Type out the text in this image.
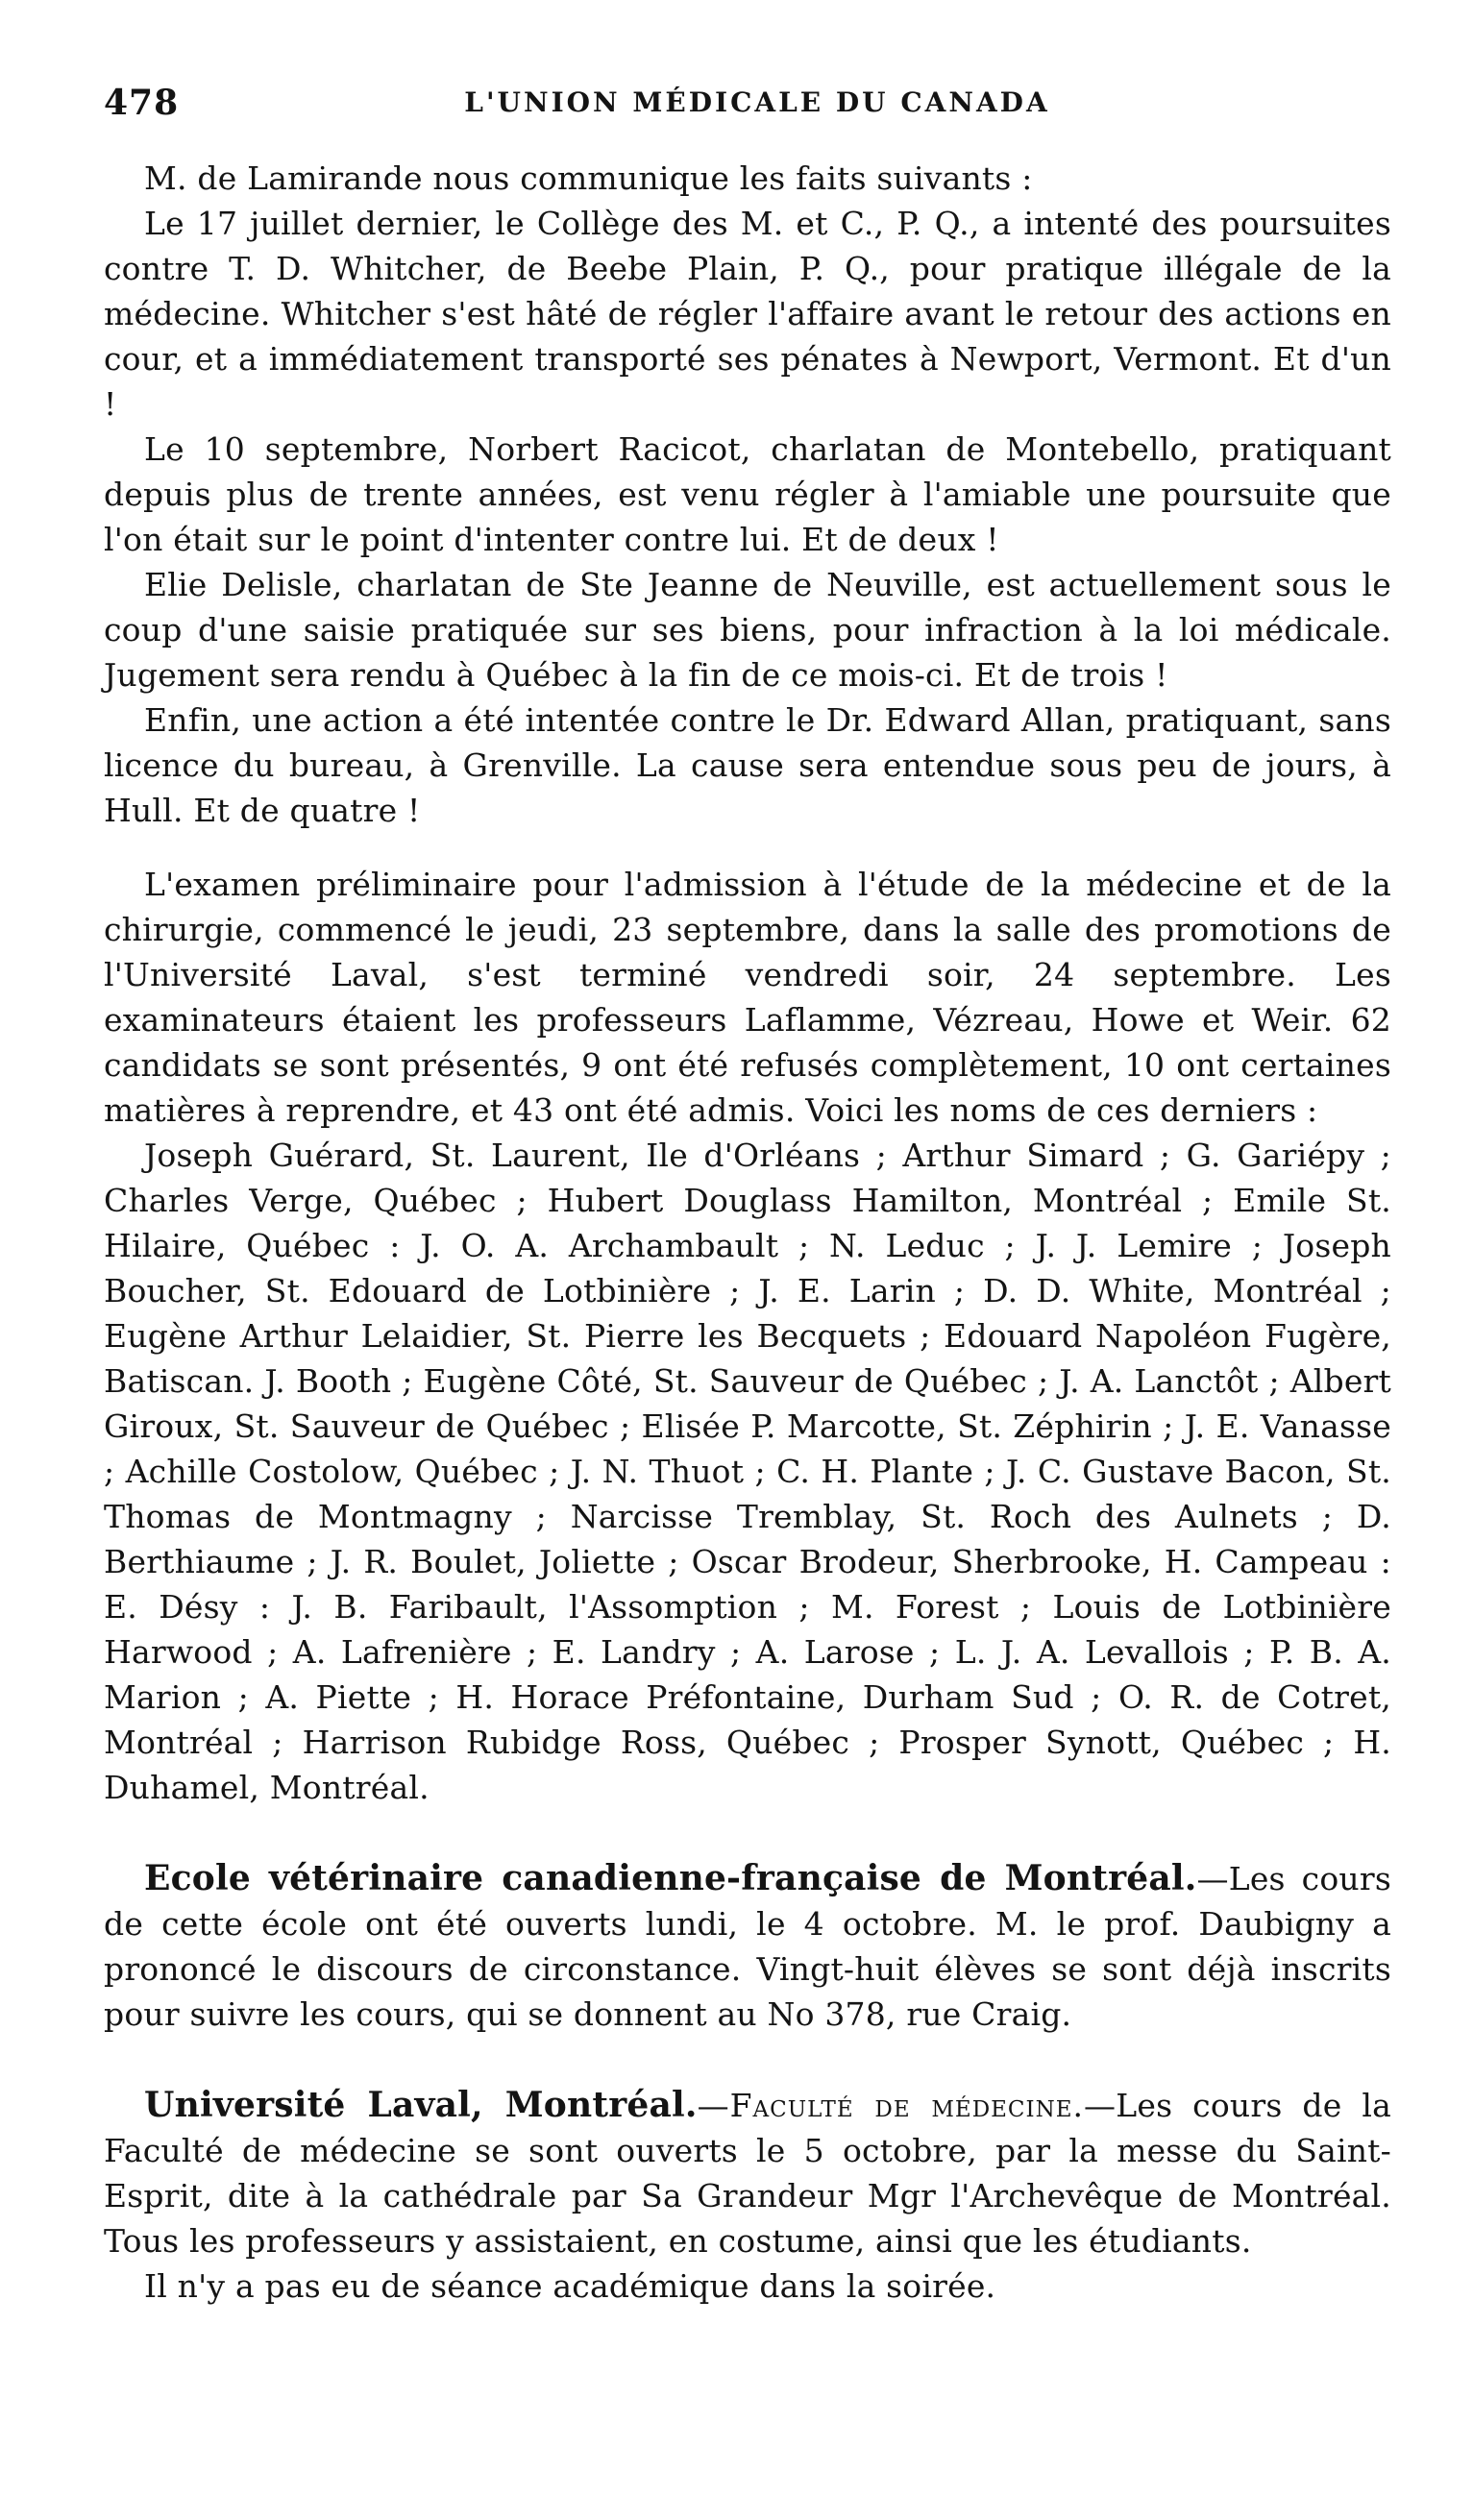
478	L'UNION MÉDICALE DU CANADA

M. de Lamirande nous communique les faits suivants :

Le 17 juillet dernier, le Collège des M. et C., P. Q., a intenté des poursuites contre T. D. Whitcher, de Beebe Plain, P. Q., pour pratique illégale de la médecine. Whitcher s'est hâté de régler l'affaire avant le retour des actions en cour, et a immédiatement transporté ses pénates à Newport, Vermont. Et d'un !

Le 10 septembre, Norbert Racicot, charlatan de Montebello, pratiquant depuis plus de trente années, est venu régler à l'amiable une poursuite que l'on était sur le point d'intenter contre lui. Et de deux !

Elie Delisle, charlatan de Ste Jeanne de Neuville, est actuellement sous le coup d'une saisie pratiquée sur ses biens, pour infraction à la loi médicale. Jugement sera rendu à Québec à la fin de ce mois-ci. Et de trois !

Enfin, une action a été intentée contre le Dr. Edward Allan, pratiquant, sans licence du bureau, à Grenville. La cause sera entendue sous peu de jours, à Hull. Et de quatre !

L'examen préliminaire pour l'admission à l'étude de la médecine et de la chirurgie, commencé le jeudi, 23 septembre, dans la salle des promotions de l'Université Laval, s'est terminé vendredi soir, 24 septembre. Les examinateurs étaient les professeurs Laflamme, Vézreau, Howe et Weir. 62 candidats se sont présentés, 9 ont été refusés complètement, 10 ont certaines matières à reprendre, et 43 ont été admis. Voici les noms de ces derniers :

Joseph Guérard, St. Laurent, Ile d'Orléans ; Arthur Simard ; G. Gariépy ; Charles Verge, Québec ; Hubert Douglass Hamilton, Montréal ; Emile St. Hilaire, Québec : J. O. A. Archambault ; N. Leduc ; J. J. Lemire ; Joseph Boucher, St. Edouard de Lotbinière ; J. E. Larin ; D. D. White, Montréal ; Eugène Arthur Lelaidier, St. Pierre les Becquets ; Edouard Napoléon Fugère, Batiscan. J. Booth ; Eugène Côté, St. Sauveur de Québec ; J. A. Lanctôt ; Albert Giroux, St. Sauveur de Québec ; Elisée P. Marcotte, St. Zéphirin ; J. E. Vanasse ; Achille Costolow, Québec ; J. N. Thuot ; C. H. Plante ; J. C. Gustave Bacon, St. Thomas de Montmagny ; Narcisse Tremblay, St. Roch des Aulnets ; D. Berthiaume ; J. R. Boulet, Joliette ; Oscar Brodeur, Sherbrooke, H. Campeau : E. Désy : J. B. Faribault, l'Assomption ; M. Forest ; Louis de Lotbinière Harwood ; A. Lafrenière ; E. Landry ; A. Larose ; L. J. A. Levallois ; P. B. A. Marion ; A. Piette ; H. Horace Préfontaine, Durham Sud ; O. R. de Cotret, Montréal ; Harrison Rubidge Ross, Québec ; Prosper Synott, Québec ; H. Duhamel, Montréal.

Ecole vétérinaire canadienne-française de Montréal.—Les cours de cette école ont été ouverts lundi, le 4 octobre. M. le prof. Daubigny a prononcé le discours de circonstance. Vingt-huit élèves se sont déjà inscrits pour suivre les cours, qui se donnent au No 378, rue Craig.

Université Laval, Montréal.—Faculté de médecine.—Les cours de la Faculté de médecine se sont ouverts le 5 octobre, par la messe du Saint-Esprit, dite à la cathédrale par Sa Grandeur Mgr l'Archevêque de Montréal. Tous les professeurs y assistaient, en costume, ainsi que les étudiants.

Il n'y a pas eu de séance académique dans la soirée.
